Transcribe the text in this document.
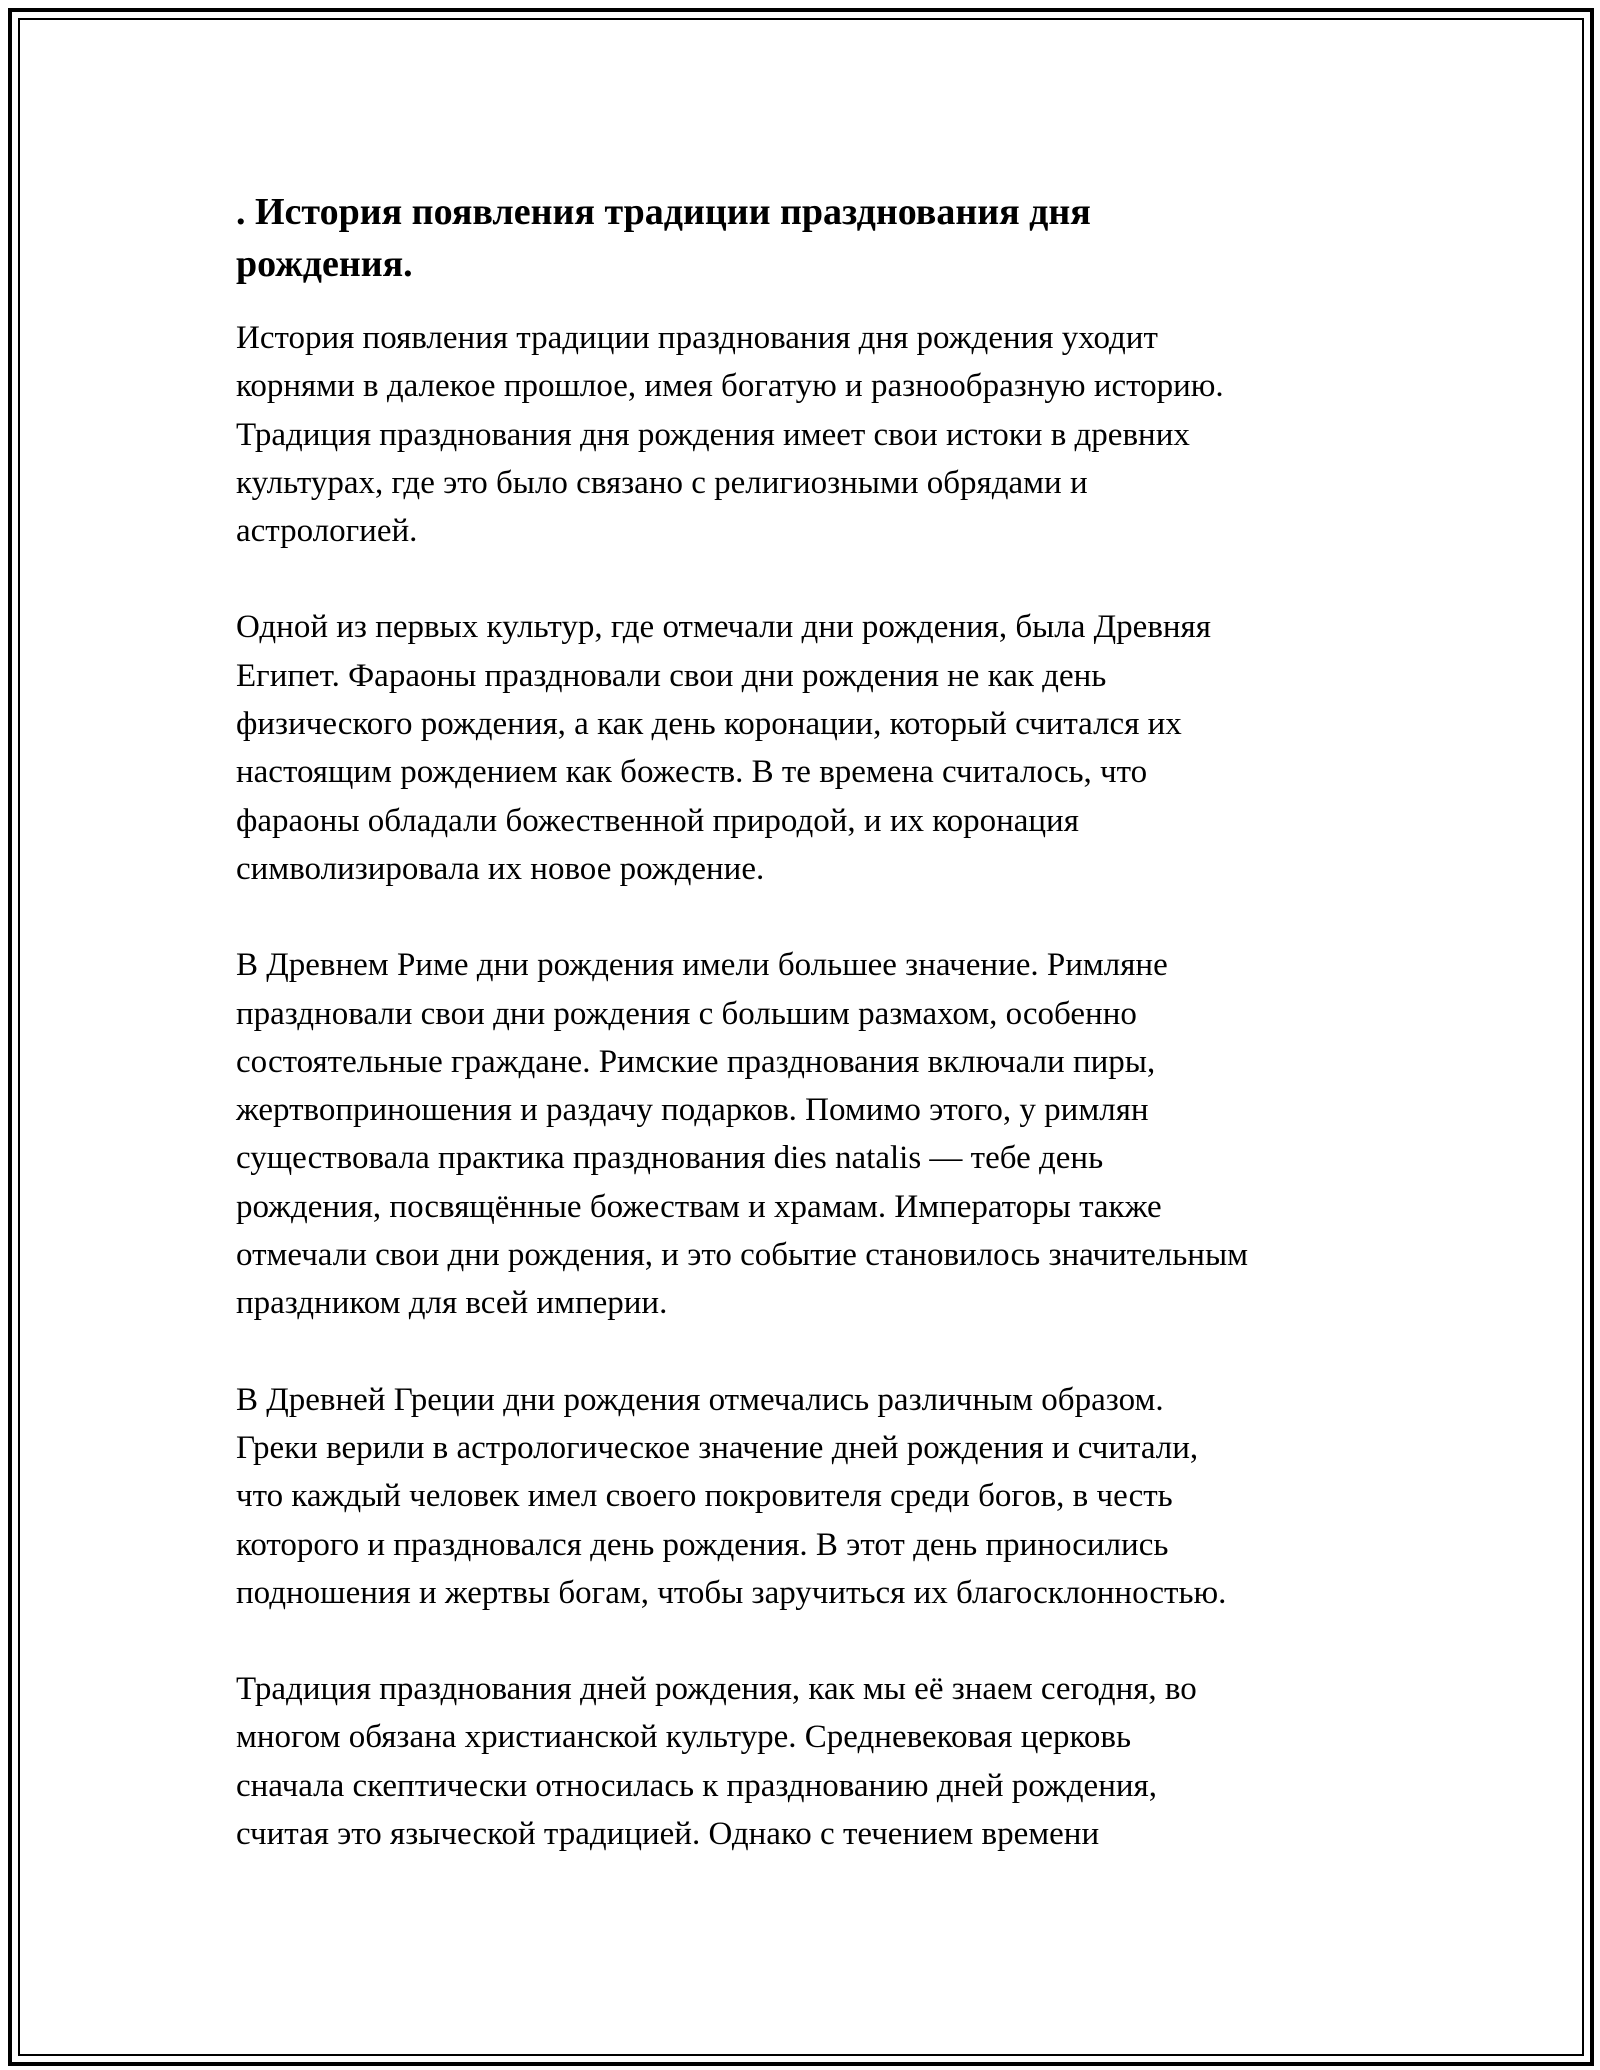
. История появления традиции празднования дня
рождения.
История появления традиции празднования дня рождения уходит
корнями в далекое прошлое, имея богатую и разнообразную историю.
Традиция празднования дня рождения имеет свои истоки в древних
культурах, где это было связано с религиозными обрядами и
астрологией.
Одной из первых культур, где отмечали дни рождения, была Древняя
Египет. Фараоны праздновали свои дни рождения не как день
физического рождения, а как день коронации, который считался их
настоящим рождением как божеств. В те времена считалось, что
фараоны обладали божественной природой, и их коронация
символизировала их новое рождение.
В Древнем Риме дни рождения имели большее значение. Римляне
праздновали свои дни рождения с большим размахом, особенно
состоятельные граждане. Римские празднования включали пиры,
жертвоприношения и раздачу подарков. Помимо этого, у римлян
существовала практика празднования dies natalis — тебе день
рождения, посвящённые божествам и храмам. Императоры также
отмечали свои дни рождения, и это событие становилось значительным
праздником для всей империи.
В Древней Греции дни рождения отмечались различным образом.
Греки верили в астрологическое значение дней рождения и считали,
что каждый человек имел своего покровителя среди богов, в честь
которого и праздновался день рождения. В этот день приносились
подношения и жертвы богам, чтобы заручиться их благосклонностью.
Традиция празднования дней рождения, как мы её знаем сегодня, во
многом обязана христианской культуре. Средневековая церковь
сначала скептически относилась к празднованию дней рождения,
считая это языческой традицией. Однако с течением времени
